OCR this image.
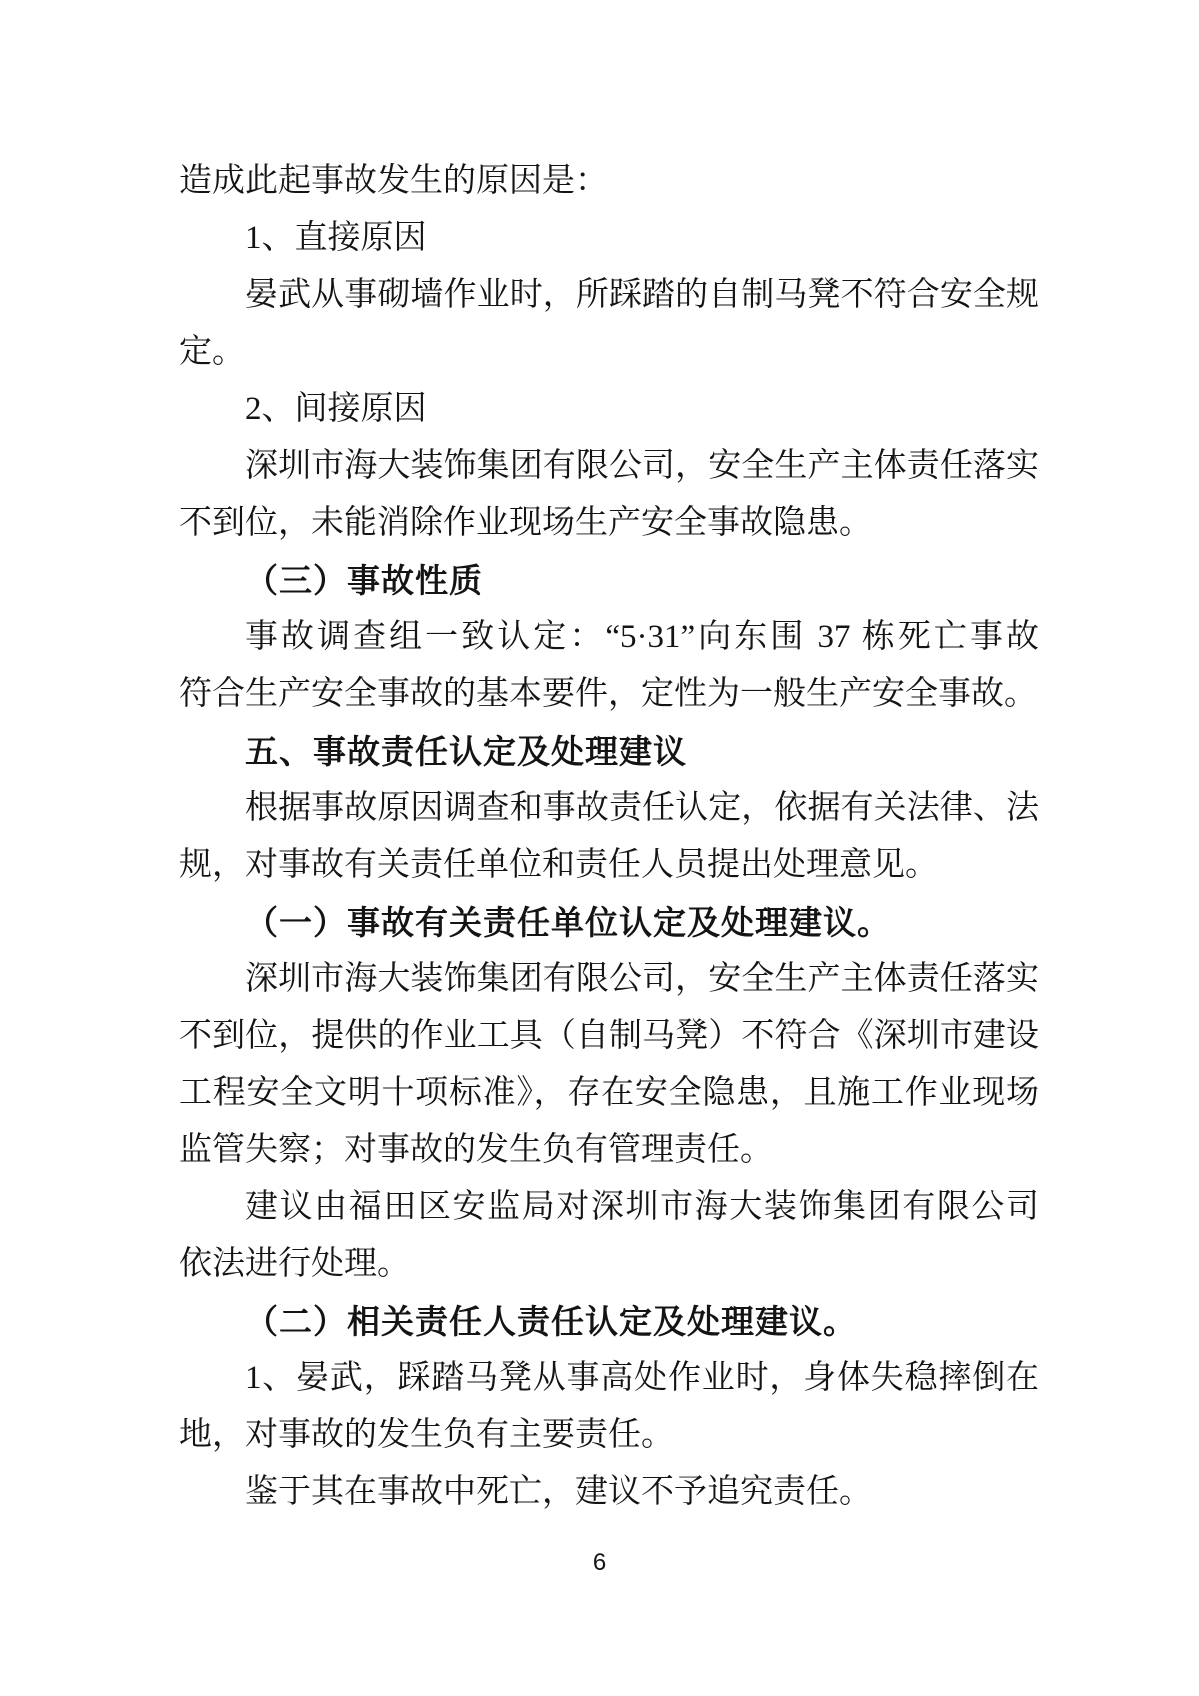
造成此起事故发生的原因是：
1、直接原因
晏武从事砌墙作业时，所踩踏的自制马凳不符合安全规
定。
2、间接原因
深圳市海大装饰集团有限公司，安全生产主体责任落实
不到位，未能消除作业现场生产安全事故隐患。
（三）事故性质
事故调查组一致认定：“5·31”向东围 37 栋死亡事故
符合生产安全事故的基本要件，定性为一般生产安全事故。
五、事故责任认定及处理建议
根据事故原因调查和事故责任认定，依据有关法律、法
规，对事故有关责任单位和责任人员提出处理意见。
（一）事故有关责任单位认定及处理建议。
深圳市海大装饰集团有限公司，安全生产主体责任落实
不到位，提供的作业工具（自制马凳）不符合《深圳市建设
工程安全文明十项标准》，存在安全隐患，且施工作业现场
监管失察；对事故的发生负有管理责任。
建议由福田区安监局对深圳市海大装饰集团有限公司
依法进行处理。
（二）相关责任人责任认定及处理建议。
1、晏武，踩踏马凳从事高处作业时，身体失稳摔倒在
地，对事故的发生负有主要责任。
鉴于其在事故中死亡，建议不予追究责任。
6
